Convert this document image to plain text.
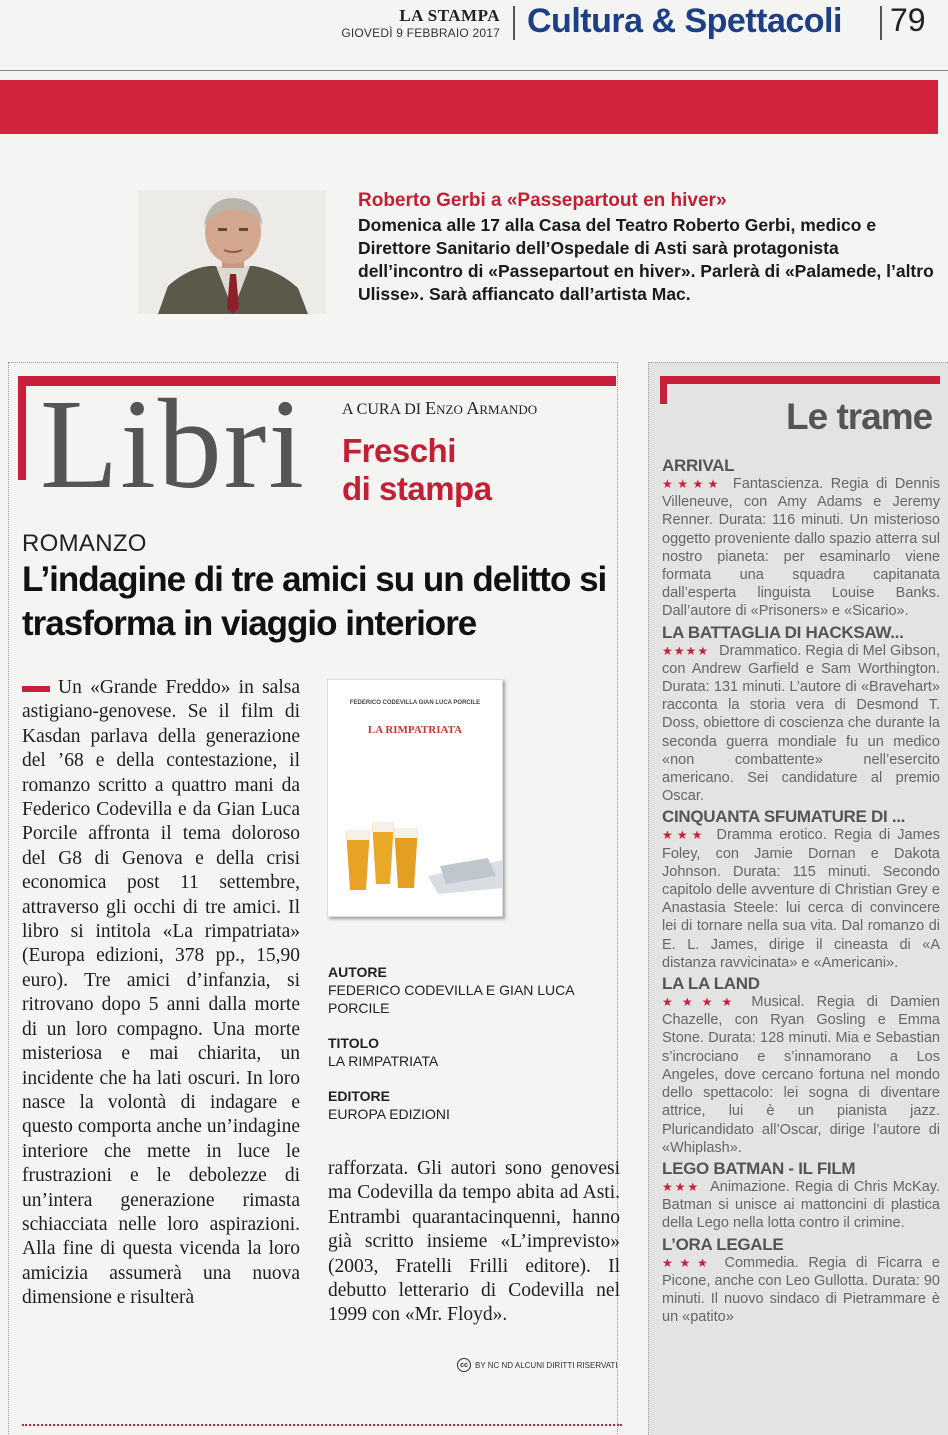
LA STAMPA
GIOVEDÌ 9 FEBBRAIO 2017 Cultura & Spettacoli 79
Roberto Gerbi a «Passepartout en hiver»
Domenica alle 17 alla Casa del Teatro Roberto Gerbi, medico e Direttore Sanitario dell’Ospedale di Asti sarà protagonista dell’incontro di «Passepartout en hiver». Parlerà di «Palamede, l’altro Ulisse». Sarà affiancato dall’artista Mac.
Libri A CURA DI Enzo Armando
Freschi
di stampa
ROMANZO
L’indagine di tre amici su un delitto si trasforma in viaggio interiore
Un «Grande Freddo» in salsa astigiano-genovese. Se il film di Kasdan parlava della generazione del ’68 e della contestazione, il romanzo scritto a quattro mani da Federico Codevilla e da Gian Luca Porcile affronta il tema doloroso del G8 di Genova e della crisi economica post 11 settembre, attraverso gli occhi di tre amici. Il libro si intitola «La rimpatriata» (Europa edizioni, 378 pp., 15,90 euro). Tre amici d’infanzia, si ritrovano dopo 5 anni dalla morte di un loro compagno. Una morte misteriosa e mai chiarita, un incidente che ha lati oscuri. In loro nasce la volontà di indagare e questo comporta anche un’indagine interiore che mette in luce le frustrazioni e le debolezze di un’intera generazione rimasta schiacciata nelle loro aspirazioni. Alla fine di questa vicenda la loro amicizia assumerà una nuova dimensione e risulterà
FEDERICO CODEVILLA GIAN LUCA PORCILE
LA RIMPATRIATA
AUTORE
FEDERICO CODEVILLA E GIAN LUCA PORCILE
TITOLO
LA RIMPATRIATA
EDITORE
EUROPA EDIZIONI
rafforzata. Gli autori sono genovesi ma Codevilla da tempo abita ad Asti. Entrambi quarantacinquenni, hanno già scritto insieme «L’imprevisto» (2003, Fratelli Frilli editore). Il debutto letterario di Codevilla nel 1999 con «Mr. Floyd».
cc BY NC ND ALCUNI DIRITTI RISERVATI
Le trame
ARRIVAL
★★★★ Fantascienza. Regia di Dennis Villeneuve, con Amy Adams e Jeremy Renner. Durata: 116 minuti. Un misterioso oggetto proveniente dallo spazio atterra sul nostro pianeta: per esaminarlo viene formata una squadra capitanata dall’esperta linguista Louise Banks. Dall’autore di «Prisoners» e «Sicario».
LA BATTAGLIA DI HACKSAW...
★★★★ Drammatico. Regia di Mel Gibson, con Andrew Garfield e Sam Worthington. Durata: 131 minuti. L’autore di «Bravehart» racconta la storia vera di Desmond T. Doss, obiettore di coscienza che durante la seconda guerra mondiale fu un medico «non combattente» nell’esercito americano. Sei candidature al premio Oscar.
CINQUANTA SFUMATURE DI ...
★★★ Dramma erotico. Regia di James Foley, con Jamie Dornan e Dakota Johnson. Durata: 115 minuti. Secondo capitolo delle avventure di Christian Grey e Anastasia Steele: lui cerca di convincere lei di tornare nella sua vita. Dal romanzo di E. L. James, dirige il cineasta di «A distanza ravvicinata» e «Americani».
LA LA LAND
★★★★ Musical. Regia di Damien Chazelle, con Ryan Gosling e Emma Stone. Durata: 128 minuti. Mia e Sebastian s’incrociano e s’innamorano a Los Angeles, dove cercano fortuna nel mondo dello spettacolo: lei sogna di diventare attrice, lui è un pianista jazz. Pluricandidato all’Oscar, dirige l’autore di «Whiplash».
LEGO BATMAN - IL FILM
★★★ Animazione. Regia di Chris McKay. Batman si unisce ai mattoncini di plastica della Lego nella lotta contro il crimine.
L’ORA LEGALE
★★★ Commedia. Regia di Ficarra e Picone, anche con Leo Gullotta. Durata: 90 minuti. Il nuovo sindaco di Pietrammare è un «patito»
